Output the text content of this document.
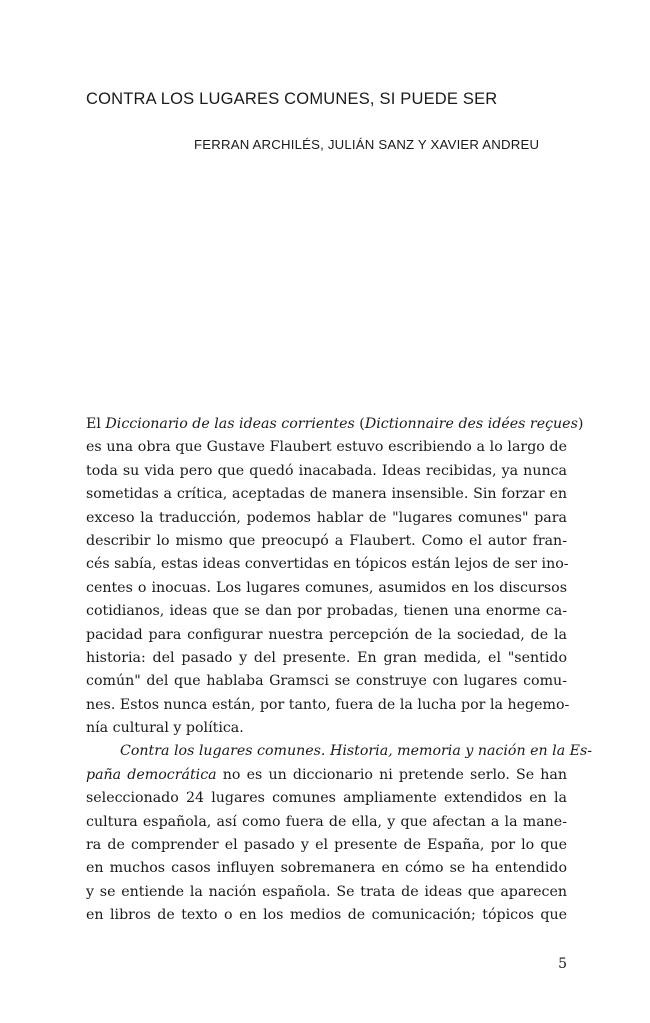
CONTRA LOS LUGARES COMUNES, SI PUEDE SER
FERRAN ARCHILÉS, JULIÁN SANZ Y XAVIER ANDREU
El Diccionario de las ideas corrientes (Dictionnaire des idées reçues)
es una obra que Gustave Flaubert estuvo escribiendo a lo largo de
toda su vida pero que quedó inacabada. Ideas recibidas, ya nunca
sometidas a crítica, aceptadas de manera insensible. Sin forzar en
exceso la traducción, podemos hablar de "lugares comunes" para
describir lo mismo que preocupó a Flaubert. Como el autor fran-
cés sabía, estas ideas convertidas en tópicos están lejos de ser ino-
centes o inocuas. Los lugares comunes, asumidos en los discursos
cotidianos, ideas que se dan por probadas, tienen una enorme ca-
pacidad para configurar nuestra percepción de la sociedad, de la
historia: del pasado y del presente. En gran medida, el "sentido
común" del que hablaba Gramsci se construye con lugares comu-
nes. Estos nunca están, por tanto, fuera de la lucha por la hegemo-
nía cultural y política.
Contra los lugares comunes. Historia, memoria y nación en la Es-
paña democrática no es un diccionario ni pretende serlo. Se han
seleccionado 24 lugares comunes ampliamente extendidos en la
cultura española, así como fuera de ella, y que afectan a la mane-
ra de comprender el pasado y el presente de España, por lo que
en muchos casos influyen sobremanera en cómo se ha entendido
y se entiende la nación española. Se trata de ideas que aparecen
en libros de texto o en los medios de comunicación; tópicos que
5
